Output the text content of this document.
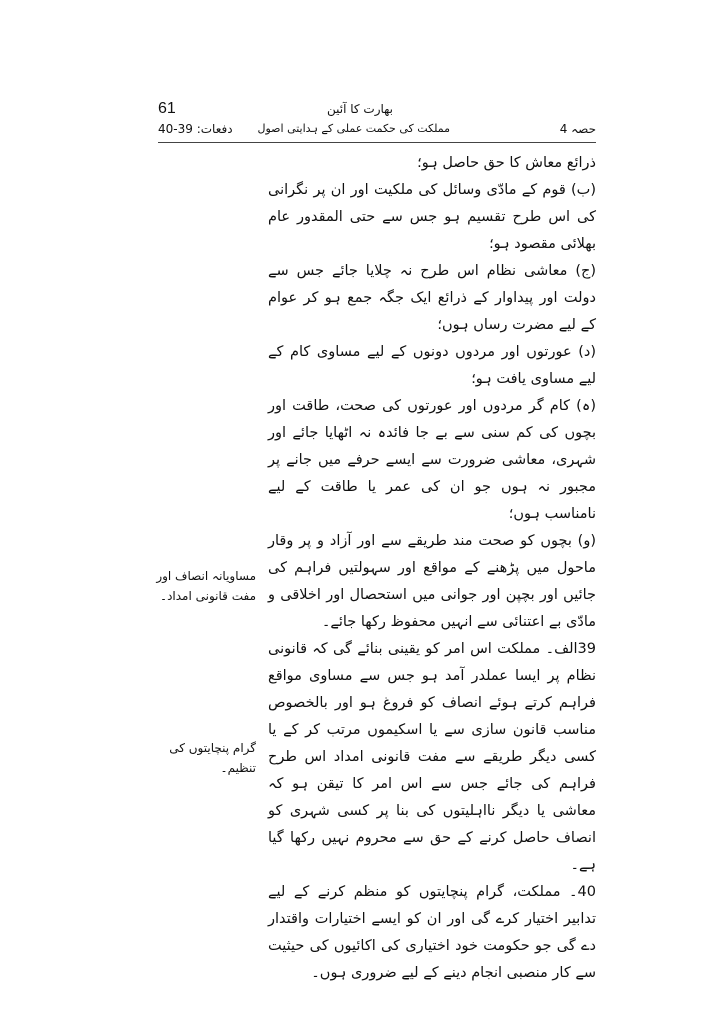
61	بھارت کا آئین
دفعات: 39-40 مملکت کی حکمت عملی کے ہدایتی اصول	حصہ 4

ذرائع معاش کا حق حاصل ہو؛

(ب) قوم کے مادّی وسائل کی ملکیت اور ان پر نگرانی کی اس طرح تقسیم ہو جس سے حتی المقدور عام بھلائی مقصود ہو؛

(ج) معاشی نظام اس طرح نہ چلایا جائے جس سے دولت اور پیداوار کے ذرائع ایک جگہ جمع ہو کر عوام کے لیے مضرت رساں ہوں؛

(د) عورتوں اور مردوں دونوں کے لیے مساوی کام کے لیے مساوی یافت ہو؛

(ہ) کام گر مردوں اور عورتوں کی صحت، طاقت اور بچوں کی کم سنی سے بے جا فائدہ نہ اٹھایا جائے اور شہری، معاشی ضرورت سے ایسے حرفے میں جانے پر مجبور نہ ہوں جو ان کی عمر یا طاقت کے لیے نامناسب ہوں؛

(و) بچوں کو صحت مند طریقے سے اور آزاد و پر وقار ماحول میں پڑھنے کے مواقع اور سہولتیں فراہم کی جائیں اور بچپن اور جوانی میں استحصال اور اخلاقی و مادّی بے اعتنائی سے انہیں محفوظ رکھا جائے۔

39الف۔ مملکت اس امر کو یقینی بنائے گی کہ قانونی نظام پر ایسا عملدر آمد ہو جس سے مساوی مواقع فراہم کرتے ہوئے انصاف کو فروغ ہو اور بالخصوص مناسب قانون سازی سے یا اسکیموں مرتب کر کے یا کسی دیگر طریقے سے مفت قانونی امداد اس طرح فراہم کی جائے جس سے اس امر کا تیقن ہو کہ معاشی یا دیگر نااہلیتوں کی بنا پر کسی شہری کو انصاف حاصل کرنے کے حق سے محروم نہیں رکھا گیا ہے۔

40۔ مملکت، گرام پنچایتوں کو منظم کرنے کے لیے تدابیر اختیار کرے گی اور ان کو ایسے اختیارات واقتدار دے گی جو حکومت خود اختیاری کی اکائیوں کی حیثیت سے کار منصبی انجام دینے کے لیے ضروری ہوں۔

مساویانہ انصاف اور مفت قانونی امداد۔
گرام پنچایتوں کی تنظیم۔
